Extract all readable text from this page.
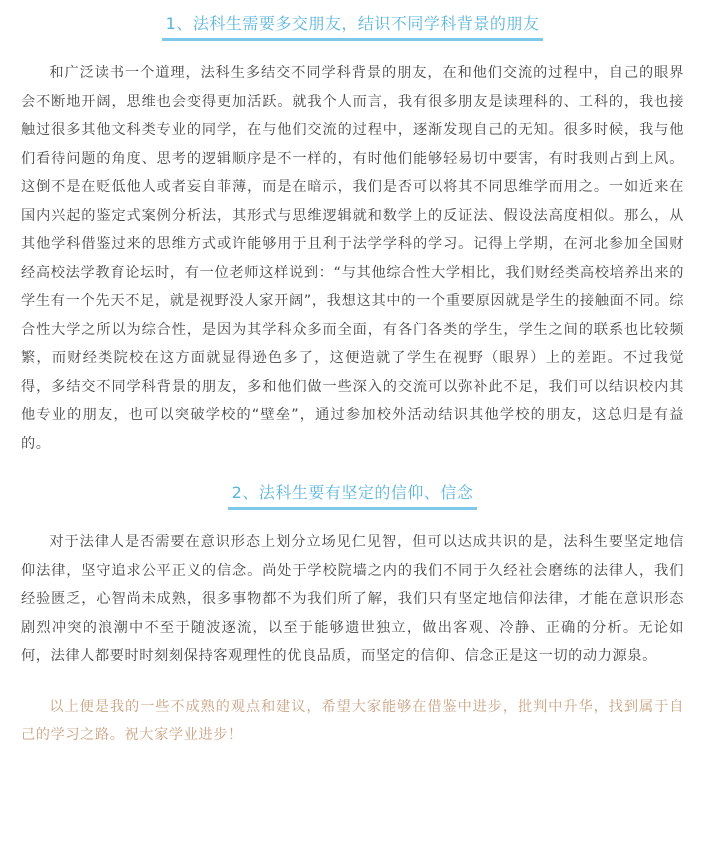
1、法科生需要多交朋友，结识不同学科背景的朋友

和广泛读书一个道理，法科生多结交不同学科背景的朋友，在和他们交流的过程中，自己的眼界会不断地开阔，思维也会变得更加活跃。就我个人而言，我有很多朋友是读理科的、工科的，我也接触过很多其他文科类专业的同学，在与他们交流的过程中，逐渐发现自己的无知。很多时候，我与他们看待问题的角度、思考的逻辑顺序是不一样的，有时他们能够轻易切中要害，有时我则占到上风。这倒不是在贬低他人或者妄自菲薄，而是在暗示，我们是否可以将其不同思维学而用之。一如近来在国内兴起的鉴定式案例分析法，其形式与思维逻辑就和数学上的反证法、假设法高度相似。那么，从其他学科借鉴过来的思维方式或许能够用于且利于法学学科的学习。记得上学期，在河北参加全国财经高校法学教育论坛时，有一位老师这样说到：“与其他综合性大学相比，我们财经类高校培养出来的学生有一个先天不足，就是视野没人家开阔”，我想这其中的一个重要原因就是学生的接触面不同。综合性大学之所以为综合性，是因为其学科众多而全面，有各门各类的学生，学生之间的联系也比较频繁，而财经类院校在这方面就显得逊色多了，这便造就了学生在视野（眼界）上的差距。不过我觉得，多结交不同学科背景的朋友，多和他们做一些深入的交流可以弥补此不足，我们可以结识校内其他专业的朋友，也可以突破学校的“壁垒”，通过参加校外活动结识其他学校的朋友，这总归是有益的。

2、法科生要有坚定的信仰、信念

对于法律人是否需要在意识形态上划分立场见仁见智，但可以达成共识的是，法科生要坚定地信仰法律，坚守追求公平正义的信念。尚处于学校院墙之内的我们不同于久经社会磨练的法律人，我们经验匮乏，心智尚未成熟，很多事物都不为我们所了解，我们只有坚定地信仰法律，才能在意识形态剧烈冲突的浪潮中不至于随波逐流，以至于能够遗世独立，做出客观、冷静、正确的分析。无论如何，法律人都要时时刻刻保持客观理性的优良品质，而坚定的信仰、信念正是这一切的动力源泉。

以上便是我的一些不成熟的观点和建议，希望大家能够在借鉴中进步，批判中升华，找到属于自己的学习之路。祝大家学业进步！
